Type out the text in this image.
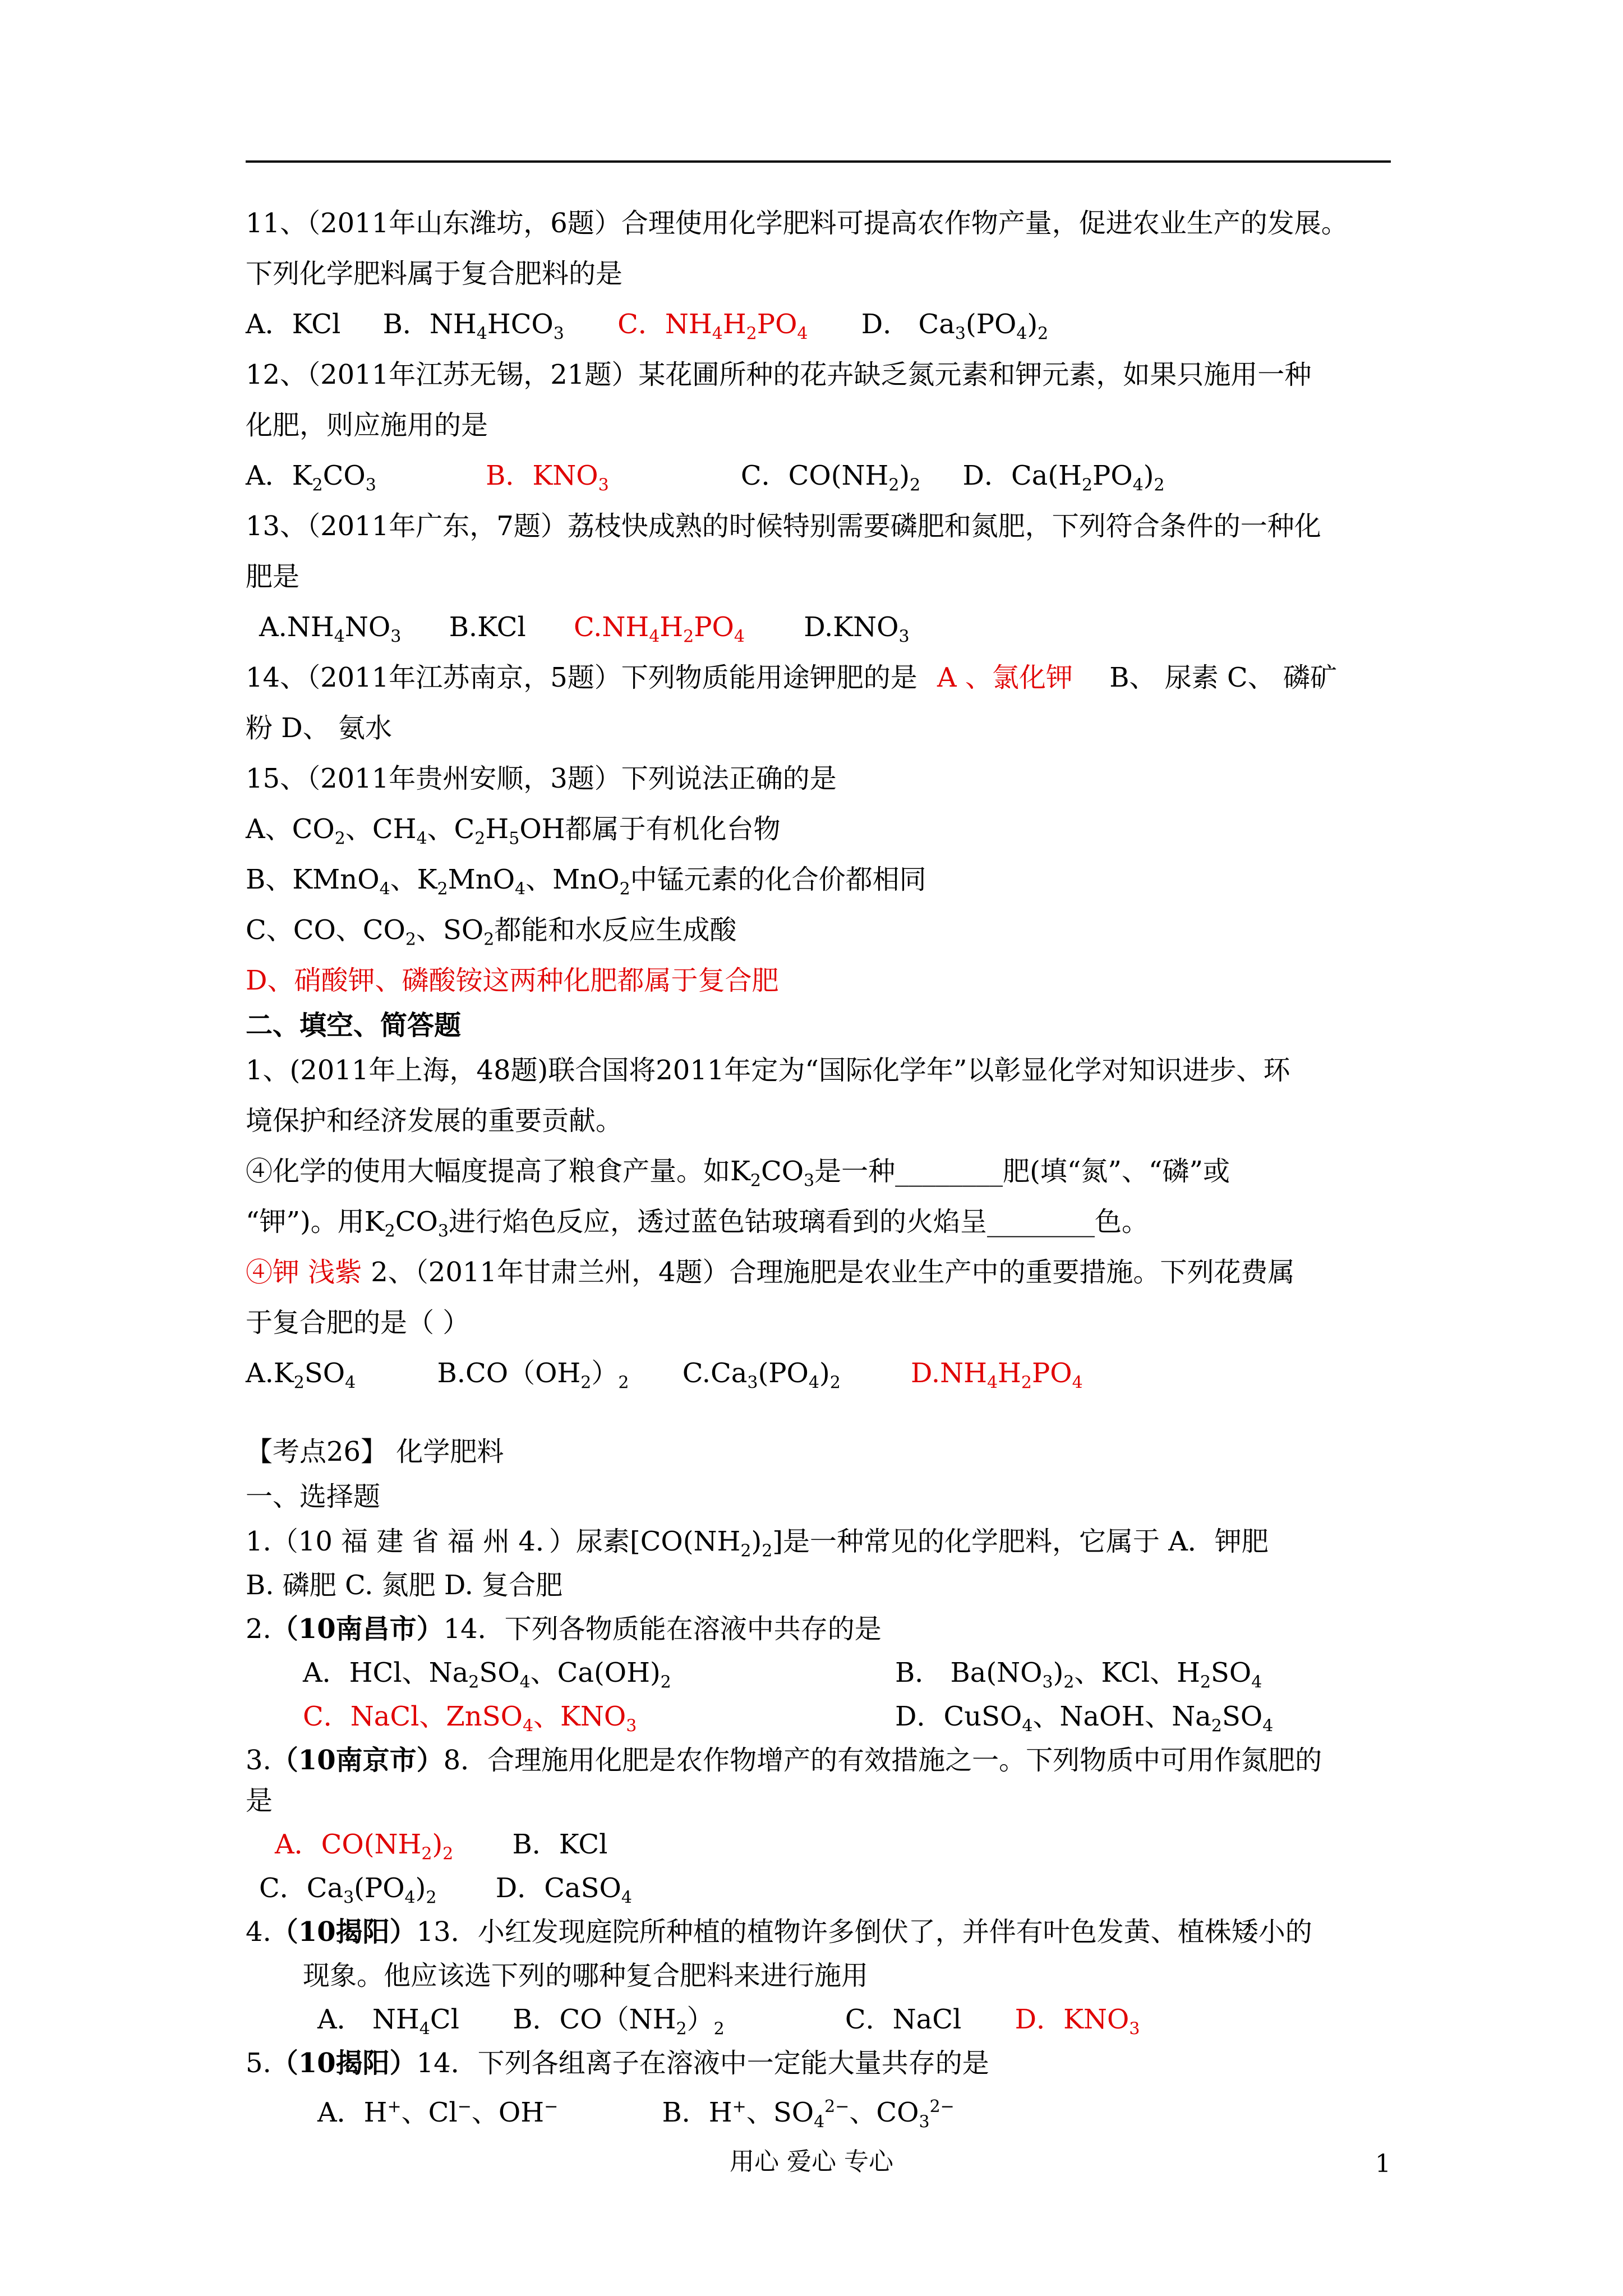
11、（2011年山东潍坊，6题）合理使用化学肥料可提高农作物产量，促进农业生产的发展。
下列化学肥料属于复合肥料的是
A．KCl B．$NH_4HCO_3$ C．$NH_4H_2PO_4$ D． $Ca_3(PO_4)_2$
12、（2011年江苏无锡，21题）某花圃所种的花卉缺乏氮元素和钾元素，如果只施用一种
化肥，则应施用的是
A．$K_2CO_3$	B．$KNO_3$	C．$CO(NH_2)_2$ D．$Ca(H_2PO_4)_2$
13、（2011年广东，7题）荔枝快成熟的时候特别需要磷肥和氮肥，下列符合条件的一种化
肥是
$A.NH_4NO_3$ B.KCl $C.NH_4H_2PO_4$ $D.KNO_3$
14、（2011年江苏南京，5题）下列物质能用途钾肥的是 A 、氯化钾 B、 尿素 C、 磷矿
粉 D、 氨水
15、（2011年贵州安顺，3题）下列说法正确的是
A、$CO_2$、$CH_4$、$C_2H_5OH$都属于有机化台物
B、KMnO$_4$、$K_2MnO_4$、MnO$_2$中锰元素的化合价都相同
C、CO、$CO_2$、$SO_2$都能和水反应生成酸
D、硝酸钾、磷酸铵这两种化肥都属于复合肥
二、填空、简答题
1、(2011年上海，48题)联合国将2011年定为“国际化学年”以彰显化学对知识进步、环
境保护和经济发展的重要贡献。
④化学的使用大幅度提高了粮食产量。如$K_2CO_3$是一种________肥(填“氮”、“磷”或
“钾”)。用$K_2CO_3$进行焰色反应，透过蓝色钴玻璃看到的火焰呈________色。
④钾 浅紫 2、（2011年甘肃兰州，4题）合理施肥是农业生产中的重要措施。下列花费属
于复合肥的是（ ）
$A.K_2SO_4$	$B.CO(OH_2)_2$ $C.Ca_3(PO_4)_2$	$D.NH_4H_2PO_4$
【考点26】 化学肥料
一、选择题
1.（10 福 建 省 福 州 4．）尿素$[CO(NH_2)_2]$是一种常见的化学肥料，它属于 A．钾肥
B. 磷肥 C. 氮肥 D. 复合肥
2.（10南昌市）14．下列各物质能在溶液中共存的是
A．HCl、$Na_2SO_4$、$Ca(OH)_2$	B． $Ba(NO_3)_2$、KCl、$H_2SO_4$
C．NaCl、ZnSO$_4$、$KNO_3$	D．CuSO$_4$、NaOH、$Na_2SO_4$
3.（10南京市）8．合理施用化肥是农作物增产的有效措施之一。下列物质中可用作氮肥的
是
A．$CO(NH_2)_2$ B．KCl
C．$Ca_3(PO_4)_2$ D．CaSO$_4$
4.（10揭阳）13．小红发现庭院所种植的植物许多倒伏了，并伴有叶色发黄、植株矮小的
现象。他应该选下列的哪种复合肥料来进行施用
A． $NH_4Cl$ B．$CO(NH_2)_2$	C．NaCl D．$KNO_3$
5.（10揭阳）14．下列各组离子在溶液中一定能大量共存的是
A．H+、Cl−、OH−	B．H+、$SO_4^{2-}$、$CO_3^{2-}$
用心 爱心 专心	1
